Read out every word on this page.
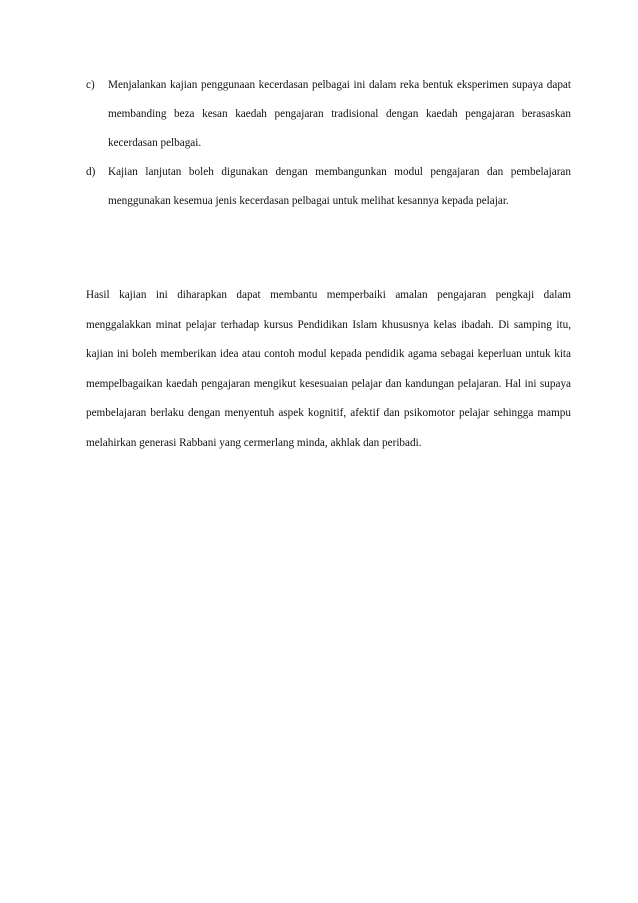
c) Menjalankan kajian penggunaan kecerdasan pelbagai ini dalam reka bentuk eksperimen supaya dapat membanding beza kesan kaedah pengajaran tradisional dengan kaedah pengajaran berasaskan kecerdasan pelbagai.
d) Kajian lanjutan boleh digunakan dengan membangunkan modul pengajaran dan pembelajaran menggunakan kesemua jenis kecerdasan pelbagai untuk melihat kesannya kepada pelajar.

Hasil kajian ini diharapkan dapat membantu memperbaiki amalan pengajaran pengkaji dalam menggalakkan minat pelajar terhadap kursus Pendidikan Islam khususnya kelas ibadah. Di samping itu, kajian ini boleh memberikan idea atau contoh modul kepada pendidik agama sebagai keperluan untuk kita mempelbagaikan kaedah pengajaran mengikut kesesuaian pelajar dan kandungan pelajaran. Hal ini supaya pembelajaran berlaku dengan menyentuh aspek kognitif, afektif dan psikomotor pelajar sehingga mampu melahirkan generasi Rabbani yang cermerlang minda, akhlak dan peribadi.
